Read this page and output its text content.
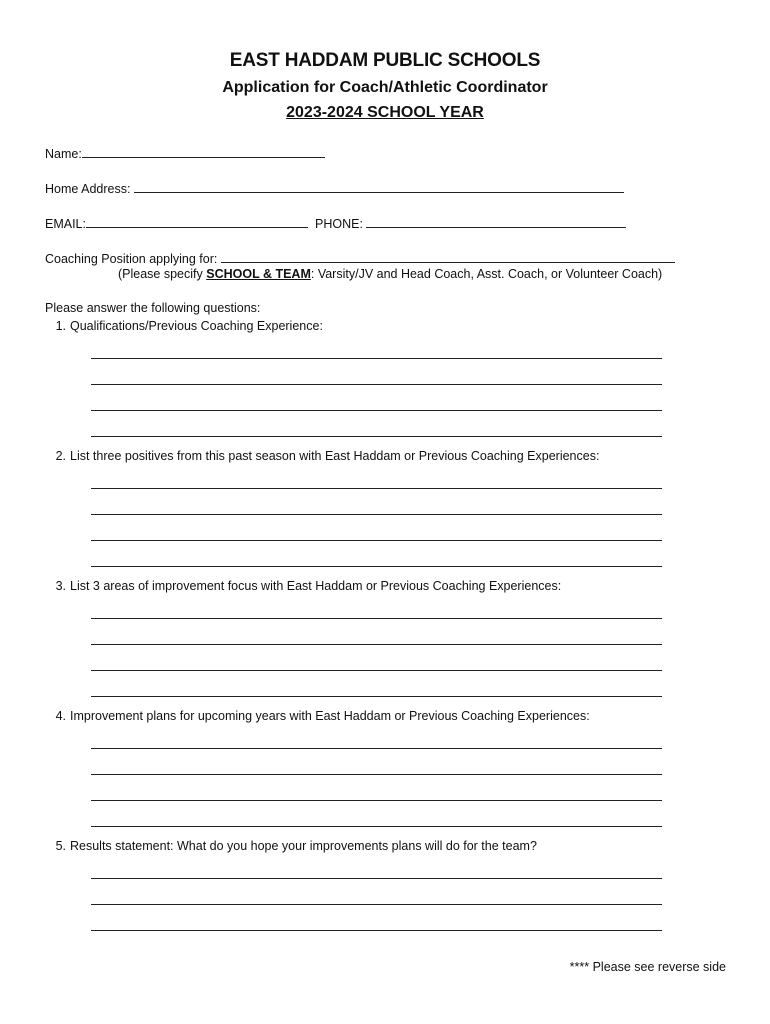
EAST HADDAM PUBLIC SCHOOLS
Application for Coach/Athletic Coordinator
2023-2024 SCHOOL YEAR
Name:
Home Address:
EMAIL:	PHONE:
Coaching Position applying for:
(Please specify SCHOOL & TEAM: Varsity/JV and Head Coach, Asst. Coach, or Volunteer Coach)
Please answer the following questions:
1. Qualifications/Previous Coaching Experience:
2. List three positives from this past season with East Haddam or Previous Coaching Experiences:
3. List 3 areas of improvement focus with East Haddam or Previous Coaching Experiences:
4. Improvement plans for upcoming years with East Haddam or Previous Coaching Experiences:
5. Results statement: What do you hope your improvements plans will do for the team?
**** Please see reverse side
